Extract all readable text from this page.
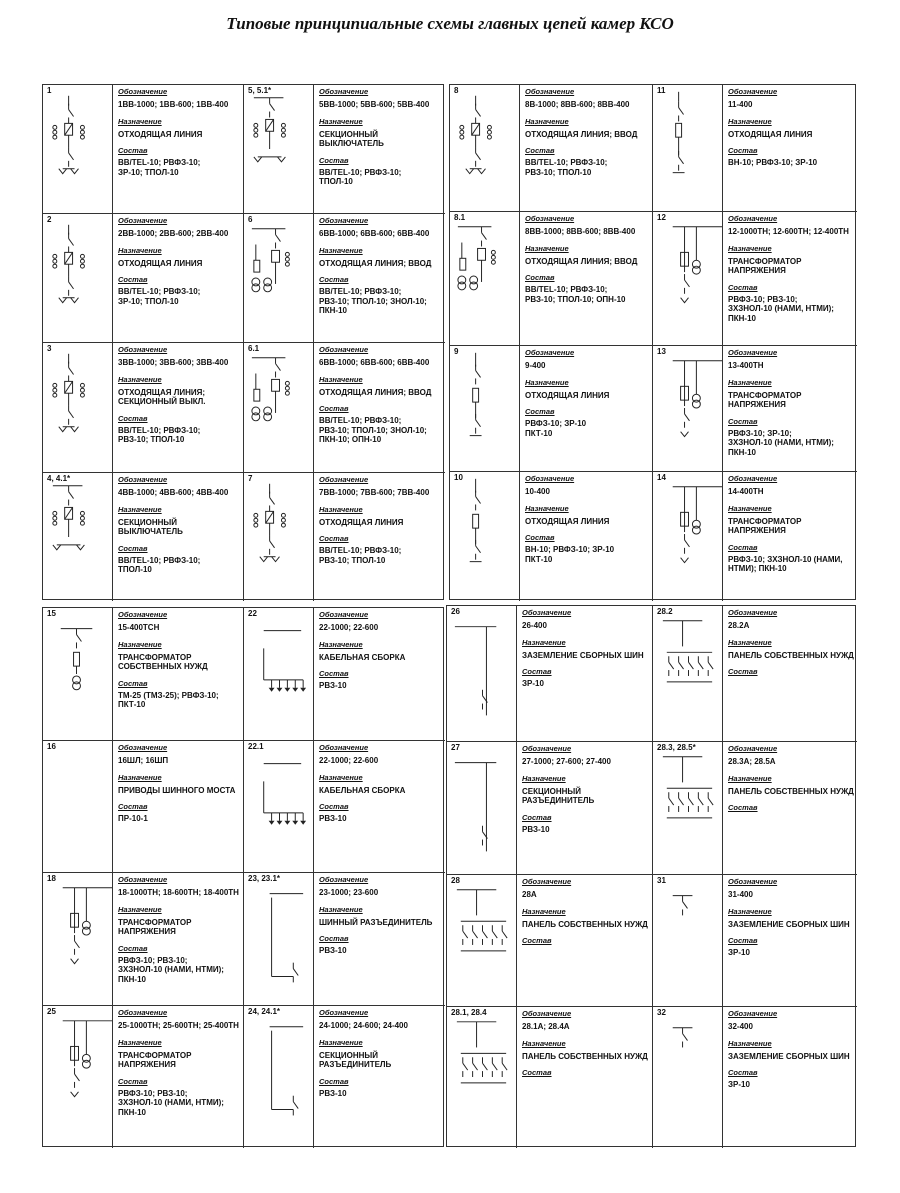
Типовые принципиальные схемы главных цепей камер КСО
1	Обозначение
1ВВ-1000; 1ВВ-600; 1ВВ-400
Назначение
ОТХОДЯЩАЯ ЛИНИЯ
Состав
ВВ/TEL-10; РВФЗ-10;
ЗР-10; ТПОЛ-10
5, 5.1*	Обозначение
5ВВ-1000; 5ВВ-600; 5ВВ-400
Назначение
СЕКЦИОННЫЙ ВЫКЛЮЧАТЕЛЬ
Состав
ВВ/TEL-10; РВФЗ-10;
ТПОЛ-10
2	Обозначение
2ВВ-1000; 2ВВ-600; 2ВВ-400
Назначение
ОТХОДЯЩАЯ ЛИНИЯ
Состав
ВВ/TEL-10; РВФЗ-10;
ЗР-10; ТПОЛ-10
6	Обозначение
6ВВ-1000; 6ВВ-600; 6ВВ-400
Назначение
ОТХОДЯЩАЯ ЛИНИЯ; ВВОД
Состав
ВВ/TEL-10; РВФЗ-10;
РВЗ-10; ТПОЛ-10; ЗНОЛ-10; ПКН-10
3	Обозначение
3ВВ-1000; 3ВВ-600; 3ВВ-400
Назначение
ОТХОДЯЩАЯ ЛИНИЯ; СЕКЦИОННЫЙ ВЫКЛ.
Состав
ВВ/TEL-10; РВФЗ-10;
РВЗ-10; ТПОЛ-10
6.1	Обозначение
6ВВ-1000; 6ВВ-600; 6ВВ-400
Назначение
ОТХОДЯЩАЯ ЛИНИЯ; ВВОД
Состав
ВВ/TEL-10; РВФЗ-10;
РВЗ-10; ТПОЛ-10; ЗНОЛ-10; ПКН-10; ОПН-10
4, 4.1*	Обозначение
4ВВ-1000; 4ВВ-600; 4ВВ-400
Назначение
СЕКЦИОННЫЙ ВЫКЛЮЧАТЕЛЬ
Состав
ВВ/TEL-10; РВФЗ-10;
ТПОЛ-10
7	Обозначение
7ВВ-1000; 7ВВ-600; 7ВВ-400
Назначение
ОТХОДЯЩАЯ ЛИНИЯ
Состав
ВВ/TEL-10; РВФЗ-10;
РВЗ-10; ТПОЛ-10
8	Обозначение
8В-1000; 8ВВ-600; 8ВВ-400
Назначение
ОТХОДЯЩАЯ ЛИНИЯ; ВВОД
Состав
ВВ/TEL-10; РВФЗ-10;
РВЗ-10; ТПОЛ-10
11	Обозначение
11-400
Назначение
ОТХОДЯЩАЯ ЛИНИЯ
Состав
ВН-10; РВФЗ-10; ЗР-10
8.1	Обозначение
8ВВ-1000; 8ВВ-600; 8ВВ-400
Назначение
ОТХОДЯЩАЯ ЛИНИЯ; ВВОД
Состав
ВВ/TEL-10; РВФЗ-10;
РВЗ-10; ТПОЛ-10; ОПН-10
12	Обозначение
12-1000ТН; 12-600ТН; 12-400ТН
Назначение
ТРАНСФОРМАТОР НАПРЯЖЕНИЯ
Состав
РВФЗ-10; РВЗ-10;
ЗХЗНОЛ-10 (НАМИ, НТМИ); ПКН-10
9	Обозначение
9-400
Назначение
ОТХОДЯЩАЯ ЛИНИЯ
Состав
РВФЗ-10; ЗР-10
ПКТ-10
13	Обозначение
13-400ТН
Назначение
ТРАНСФОРМАТОР НАПРЯЖЕНИЯ
Состав
РВФЗ-10; ЗР-10;
ЗХЗНОЛ-10 (НАМИ, НТМИ); ПКН-10
10	Обозначение
10-400
Назначение
ОТХОДЯЩАЯ ЛИНИЯ
Состав
ВН-10; РВФЗ-10; ЗР-10
ПКТ-10
14	Обозначение
14-400ТН
Назначение
ТРАНСФОРМАТОР НАПРЯЖЕНИЯ
Состав
РВФЗ-10; ЗХЗНОЛ-10 (НАМИ, НТМИ); ПКН-10
15	Обозначение
15-400ТСН
Назначение
ТРАНСФОРМАТОР СОБСТВЕННЫХ НУЖД
Состав
ТМ-25 (ТМЗ-25); РВФЗ-10;
ПКТ-10
22	Обозначение
22-1000; 22-600
Назначение
КАБЕЛЬНАЯ СБОРКА
Состав
РВЗ-10
16	Обозначение
16ШЛ; 16ШП
Назначение
ПРИВОДЫ ШИННОГО МОСТА
Состав
ПР-10-1
22.1	Обозначение
22-1000; 22-600
Назначение
КАБЕЛЬНАЯ СБОРКА
Состав
РВЗ-10
18	Обозначение
18-1000ТН; 18-600ТН; 18-400ТН
Назначение
ТРАНСФОРМАТОР НАПРЯЖЕНИЯ
Состав
РВФЗ-10; РВЗ-10;
ЗХЗНОЛ-10 (НАМИ, НТМИ); ПКН-10
23, 23.1*	Обозначение
23-1000; 23-600
Назначение
ШИННЫЙ РАЗЪЕДИНИТЕЛЬ
Состав
РВЗ-10
25	Обозначение
25-1000ТН; 25-600ТН; 25-400ТН
Назначение
ТРАНСФОРМАТОР НАПРЯЖЕНИЯ
Состав
РВФЗ-10; РВЗ-10;
ЗХЗНОЛ-10 (НАМИ, НТМИ); ПКН-10
24, 24.1*	Обозначение
24-1000; 24-600; 24-400
Назначение
СЕКЦИОННЫЙ РАЗЪЕДИНИТЕЛЬ
Состав
РВЗ-10
26	Обозначение
26-400
Назначение
ЗАЗЕМЛЕНИЕ СБОРНЫХ ШИН
Состав
ЗР-10
28.2	Обозначение
28.2А
Назначение
ПАНЕЛЬ СОБСТВЕННЫХ НУЖД
Состав
27	Обозначение
27-1000; 27-600; 27-400
Назначение
СЕКЦИОННЫЙ РАЗЪЕДИНИТЕЛЬ
Состав
РВЗ-10
28.3, 28.5*	Обозначение
28.3А; 28.5А
Назначение
ПАНЕЛЬ СОБСТВЕННЫХ НУЖД
Состав
28	Обозначение
28А
Назначение
ПАНЕЛЬ СОБСТВЕННЫХ НУЖД
Состав
31	Обозначение
31-400
Назначение
ЗАЗЕМЛЕНИЕ СБОРНЫХ ШИН
Состав
ЗР-10
28.1, 28.4	Обозначение
28.1А; 28.4А
Назначение
ПАНЕЛЬ СОБСТВЕННЫХ НУЖД
Состав
32	Обозначение
32-400
Назначение
ЗАЗЕМЛЕНИЕ СБОРНЫХ ШИН
Состав
ЗР-10
